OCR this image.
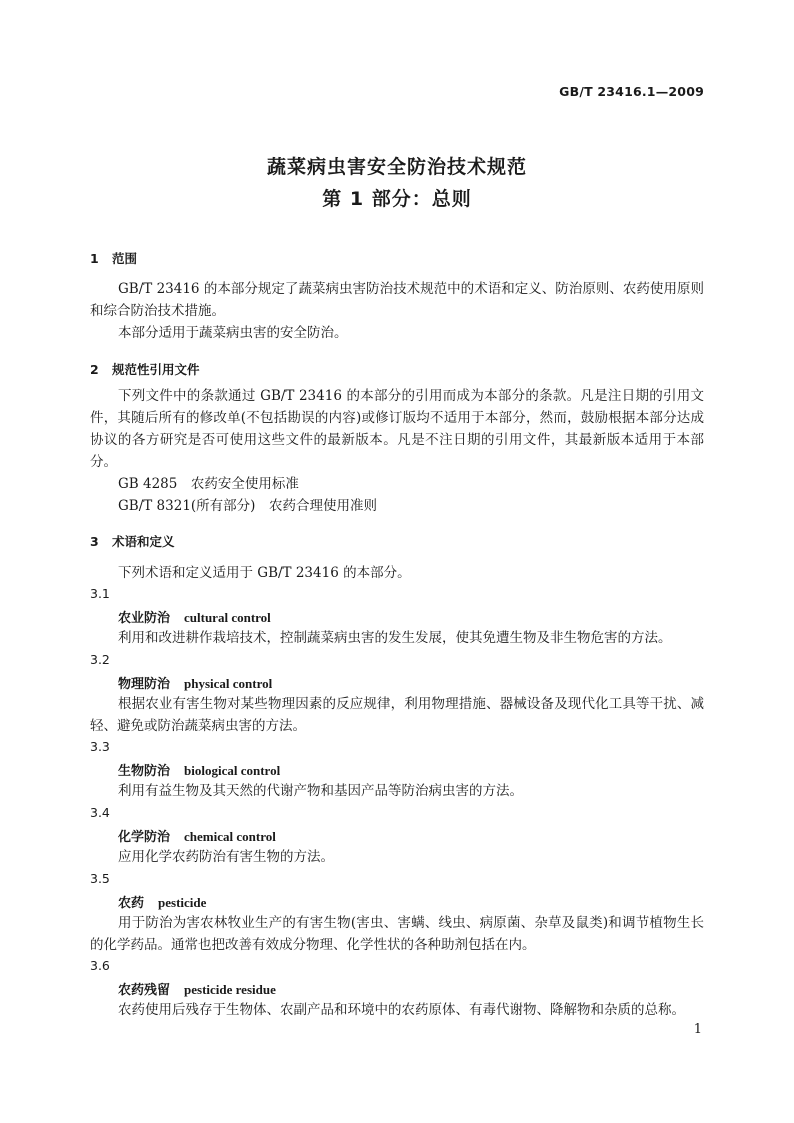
GB/T 23416.1—2009
蔬菜病虫害安全防治技术规范
第 1 部分：总则
1 范围

GB/T 23416 的本部分规定了蔬菜病虫害防治技术规范中的术语和定义、防治原则、农药使用原则和综合防治技术措施。

本部分适用于蔬菜病虫害的安全防治。

2 规范性引用文件

下列文件中的条款通过 GB/T 23416 的本部分的引用而成为本部分的条款。凡是注日期的引用文件，其随后所有的修改单(不包括勘误的内容)或修订版均不适用于本部分，然而，鼓励根据本部分达成协议的各方研究是否可使用这些文件的最新版本。凡是不注日期的引用文件，其最新版本适用于本部分。

GB 4285　农药安全使用标准

GB/T 8321(所有部分)　农药合理使用准则

3 术语和定义
下列术语和定义适用于 GB/T 23416 的本部分。
3.1
农业防治 cultural control

利用和改进耕作栽培技术，控制蔬菜病虫害的发生发展，使其免遭生物及非生物危害的方法。

3.2
物理防治 physical control

根据农业有害生物对某些物理因素的反应规律，利用物理措施、器械设备及现代化工具等干扰、减轻、避免或防治蔬菜病虫害的方法。

3.3
生物防治 biological control

利用有益生物及其天然的代谢产物和基因产品等防治病虫害的方法。

3.4
化学防治 chemical control

应用化学农药防治有害生物的方法。

3.5
农药 pesticide

用于防治为害农林牧业生产的有害生物(害虫、害螨、线虫、病原菌、杂草及鼠类)和调节植物生长的化学药品。通常也把改善有效成分物理、化学性状的各种助剂包括在内。

3.6
农药残留 pesticide residue

农药使用后残存于生物体、农副产品和环境中的农药原体、有毒代谢物、降解物和杂质的总称。

1
